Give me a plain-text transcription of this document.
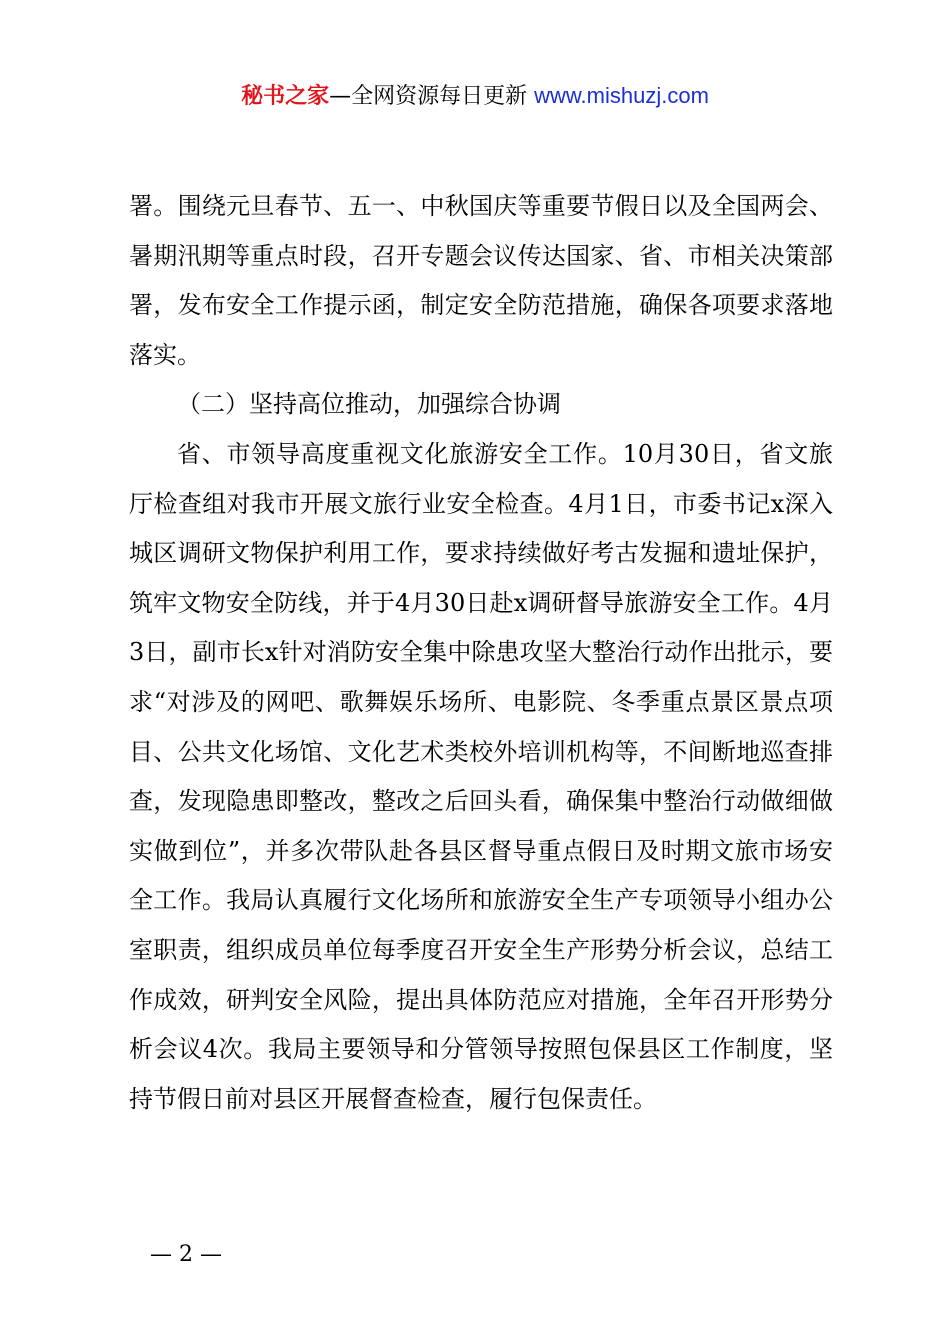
秘书之家—全网资源每日更新 www.mishuzj.com

署。围绕元旦春节、五一、中秋国庆等重要节假日以及全国两会、暑期汛期等重点时段，召开专题会议传达国家、省、市相关决策部署，发布安全工作提示函，制定安全防范措施，确保各项要求落地落实。

（二）坚持高位推动，加强综合协调

省、市领导高度重视文化旅游安全工作。10月30日，省文旅厅检查组对我市开展文旅行业安全检查。4月1日，市委书记x深入城区调研文物保护利用工作，要求持续做好考古发掘和遗址保护，筑牢文物安全防线，并于4月30日赴x调研督导旅游安全工作。4月3日，副市长x针对消防安全集中除患攻坚大整治行动作出批示，要求“对涉及的网吧、歌舞娱乐场所、电影院、冬季重点景区景点项目、公共文化场馆、文化艺术类校外培训机构等，不间断地巡查排查，发现隐患即整改，整改之后回头看，确保集中整治行动做细做实做到位”，并多次带队赴各县区督导重点假日及时期文旅市场安全工作。我局认真履行文化场所和旅游安全生产专项领导小组办公室职责，组织成员单位每季度召开安全生产形势分析会议，总结工作成效，研判安全风险，提出具体防范应对措施，全年召开形势分析会议4次。我局主要领导和分管领导按照包保县区工作制度，坚持节假日前对县区开展督查检查，履行包保责任。

— 2 —
